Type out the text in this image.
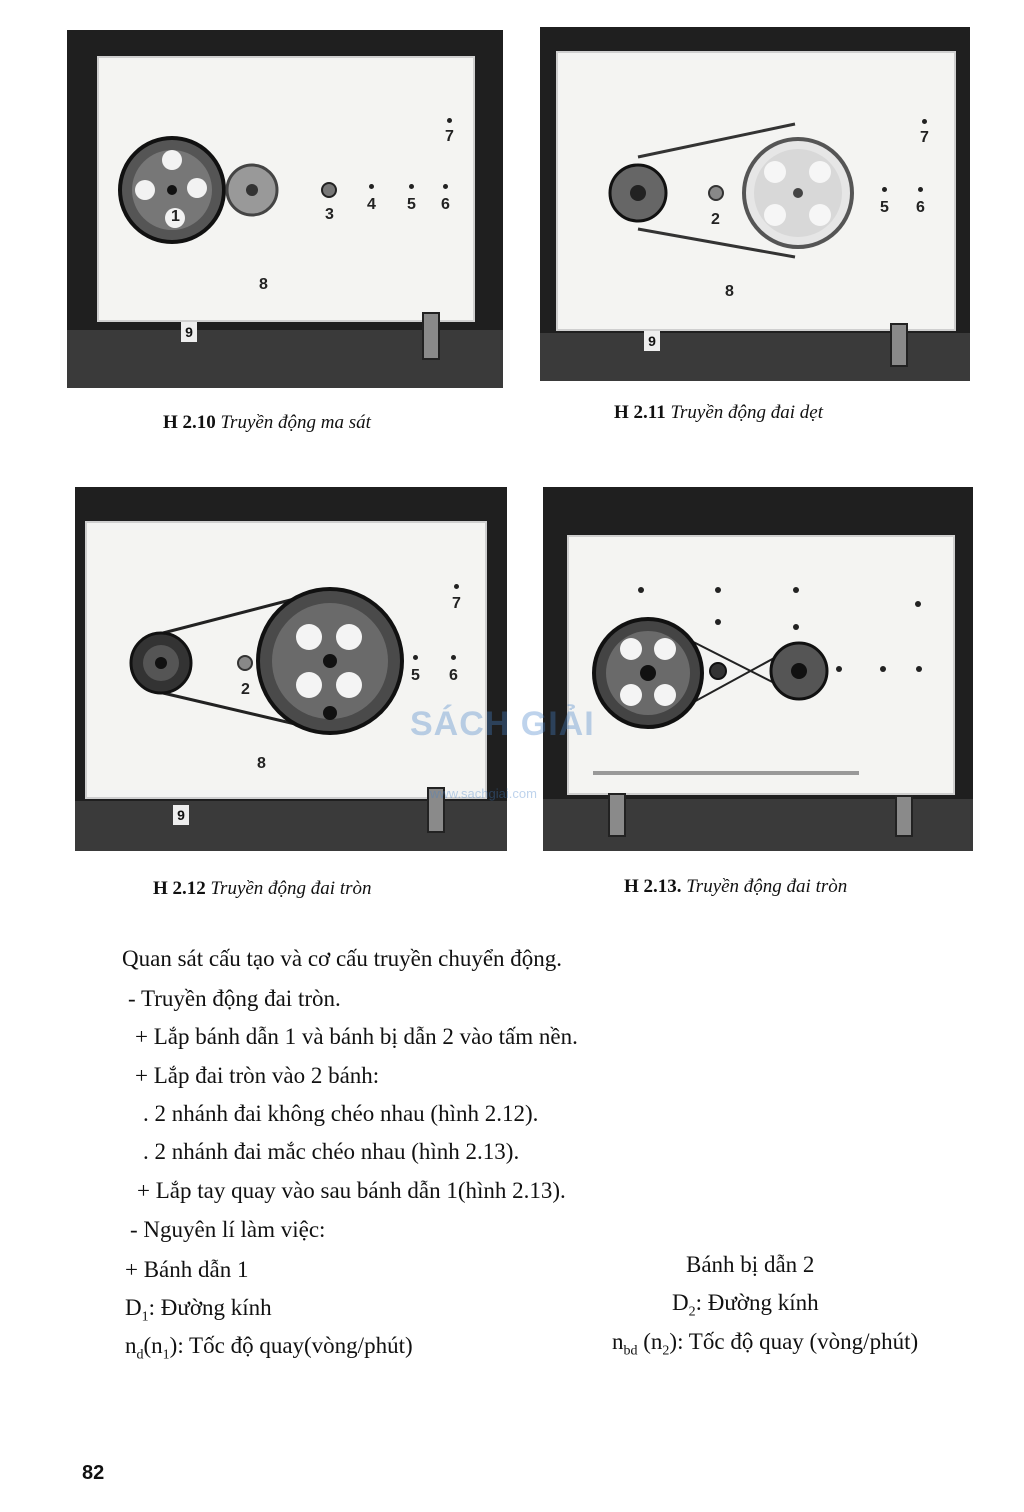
1	3
4 5 6
7
8
9
H 2.10 Truyền động ma sát
2
5 6
7
8
9
H 2.11 Truyền động đai dẹt
2
5 6
7
8
9
H 2.12 Truyền động đai tròn	H 2.13. Truyền động đai tròn
SÁCH GIẢI
www.sachgiai.com
Quan sát cấu tạo và cơ cấu truyền chuyển động.
- Truyền động đai tròn.
+ Lắp bánh dẫn 1 và bánh bị dẫn 2 vào tấm nền.
+ Lắp đai tròn vào 2 bánh:
. 2 nhánh đai không chéo nhau (hình 2.12).
. 2 nhánh đai mắc chéo nhau (hình 2.13).
+ Lắp tay quay vào sau bánh dẫn 1(hình 2.13).
- Nguyên lí làm việc:
+ Bánh dẫn 1
$D_1$: Đường kính
$n_d(n_1)$: Tốc độ quay(vòng/phút)
Bánh bị dẫn 2
$D_2$: Đường kính
$n_{bd}$ $(n_2)$: Tốc độ quay (vòng/phút)
82
